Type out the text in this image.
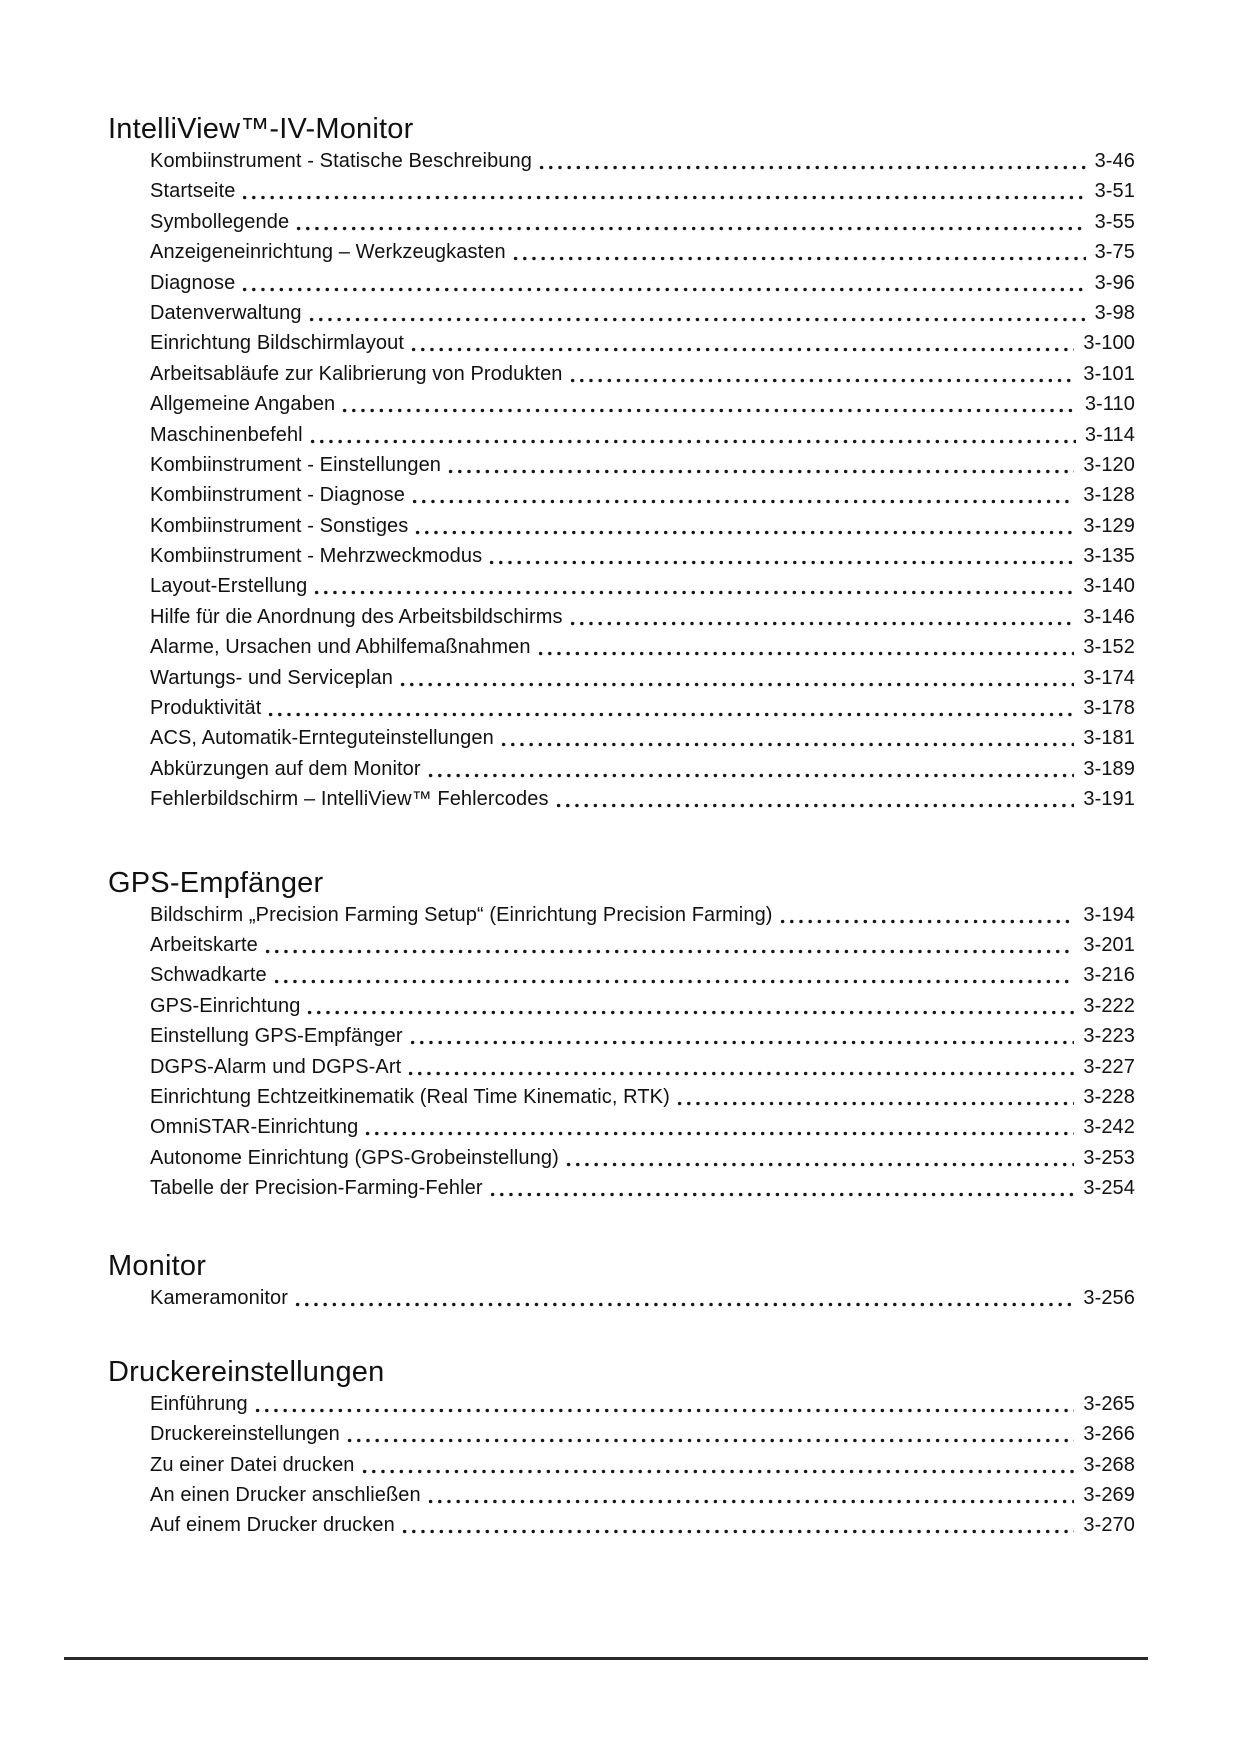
IntelliView™-IV-Monitor
Kombiinstrument - Statische Beschreibung	3-46
Startseite	3-51
Symbollegende	3-55
Anzeigeneinrichtung – Werkzeugkasten	3-75
Diagnose	3-96
Datenverwaltung	3-98
Einrichtung Bildschirmlayout	3-100
Arbeitsabläufe zur Kalibrierung von Produkten	3-101
Allgemeine Angaben	3-110
Maschinenbefehl	3-114
Kombiinstrument - Einstellungen	3-120
Kombiinstrument - Diagnose	3-128
Kombiinstrument - Sonstiges	3-129
Kombiinstrument - Mehrzweckmodus	3-135
Layout-Erstellung	3-140
Hilfe für die Anordnung des Arbeitsbildschirms	3-146
Alarme, Ursachen und Abhilfemaßnahmen	3-152
Wartungs- und Serviceplan	3-174
Produktivität	3-178
ACS, Automatik-Ernteguteinstellungen	3-181
Abkürzungen auf dem Monitor	3-189
Fehlerbildschirm – IntelliView™ Fehlercodes	3-191
GPS-Empfänger
Bildschirm „Precision Farming Setup“ (Einrichtung Precision Farming)	3-194
Arbeitskarte	3-201
Schwadkarte	3-216
GPS-Einrichtung	3-222
Einstellung GPS-Empfänger	3-223
DGPS-Alarm und DGPS-Art	3-227
Einrichtung Echtzeitkinematik (Real Time Kinematic, RTK)	3-228
OmniSTAR-Einrichtung	3-242
Autonome Einrichtung (GPS-Grobeinstellung)	3-253
Tabelle der Precision-Farming-Fehler	3-254
Monitor
Kameramonitor	3-256
Druckereinstellungen
Einführung	3-265
Druckereinstellungen	3-266
Zu einer Datei drucken	3-268
An einen Drucker anschließen	3-269
Auf einem Drucker drucken	3-270
